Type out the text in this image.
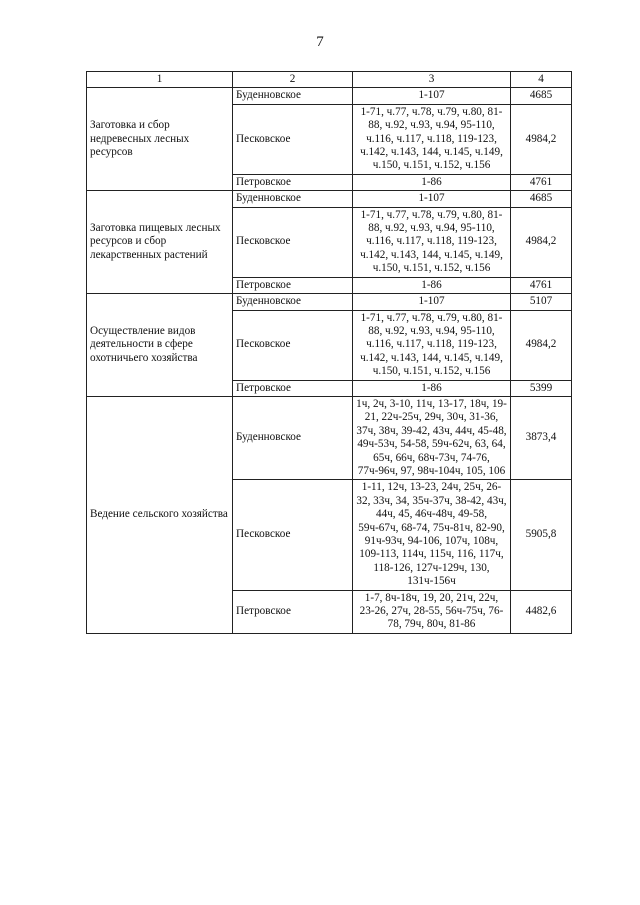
7
1	2	3	4
Заготовка и сбор недревесных лесных ресурсов	Буденновское	1-107	4685
	Песковское	1-71, ч.77, ч.78, ч.79, ч.80, 81-88, ч.92, ч.93, ч.94, 95-110, ч.116, ч.117, ч.118, 119-123, ч.142, ч.143, 144, ч.145, ч.149, ч.150, ч.151, ч.152, ч.156	4984,2
	Петровское	1-86	4761
Заготовка пищевых лесных ресурсов и сбор лекарственных растений	Буденновское	1-107	4685
	Песковское	1-71, ч.77, ч.78, ч.79, ч.80, 81-88, ч.92, ч.93, ч.94, 95-110, ч.116, ч.117, ч.118, 119-123, ч.142, ч.143, 144, ч.145, ч.149, ч.150, ч.151, ч.152, ч.156	4984,2
	Петровское	1-86	4761
Осуществление видов деятельности в сфере охотничьего хозяйства	Буденновское	1-107	5107
	Песковское	1-71, ч.77, ч.78, ч.79, ч.80, 81-88, ч.92, ч.93, ч.94, 95-110, ч.116, ч.117, ч.118, 119-123, ч.142, ч.143, 144, ч.145, ч.149, ч.150, ч.151, ч.152, ч.156	4984,2
	Петровское	1-86	5399
Ведение сельского хозяйства	Буденновское	1ч, 2ч, 3-10, 11ч, 13-17, 18ч, 19-21, 22ч-25ч, 29ч, 30ч, 31-36, 37ч, 38ч, 39-42, 43ч, 44ч, 45-48, 49ч-53ч, 54-58, 59ч-62ч, 63, 64, 65ч, 66ч, 68ч-73ч, 74-76, 77ч-96ч, 97, 98ч-104ч, 105, 106	3873,4
	Песковское	1-11, 12ч, 13-23, 24ч, 25ч, 26-32, 33ч, 34, 35ч-37ч, 38-42, 43ч, 44ч, 45, 46ч-48ч, 49-58, 59ч-67ч, 68-74, 75ч-81ч, 82-90, 91ч-93ч, 94-106, 107ч, 108ч, 109-113, 114ч, 115ч, 116, 117ч, 118-126, 127ч-129ч, 130, 131ч-156ч	5905,8
	Петровское	1-7, 8ч-18ч, 19, 20, 21ч, 22ч, 23-26, 27ч, 28-55, 56ч-75ч, 76-78, 79ч, 80ч, 81-86	4482,6
